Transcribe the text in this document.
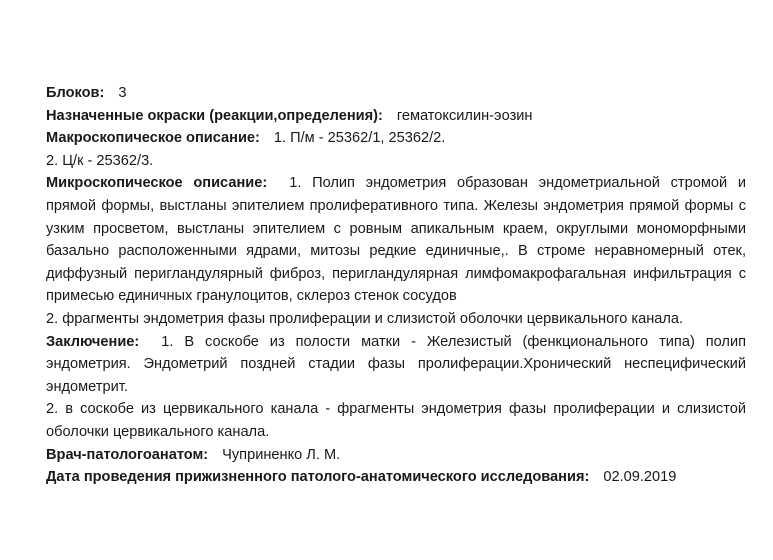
Блоков: 3
Назначенные окраски (реакции,определения): гематоксилин-эозин
Макроскопическое описание: 1. П/м - 25362/1, 25362/2.
2. Ц/к - 25362/3.
Микроскопическое описание: 1. Полип эндометрия образован эндометриальной стромой и прямой формы, выстланы эпителием пролиферативного типа. Железы эндометрия прямой формы с узким просветом, выстланы эпителием с ровным апикальным краем, округлыми мономорфными базально расположенными ядрами, митозы редкие единичные,. В строме неравномерный отек, диффузный перигландулярный фиброз, перигландулярная лимфомакрофагальная инфильтрация с примесью единичных гранулоцитов, склероз стенок сосудов
2. фрагменты эндометрия фазы пролиферации и слизистой оболочки цервикального канала.
Заключение: 1. В соскобе из полости матки - Железистый (фенкционального типа) полип эндометрия. Эндометрий поздней стадии фазы пролиферации.Хронический неспецифический эндометрит.
2. в соскобе из цервикального канала - фрагменты эндометрия фазы пролиферации и слизистой оболочки цервикального канала.
Врач-патологоанатом: Чуприненко Л. М.
Дата проведения прижизненного патолого-анатомического исследования: 02.09.2019
